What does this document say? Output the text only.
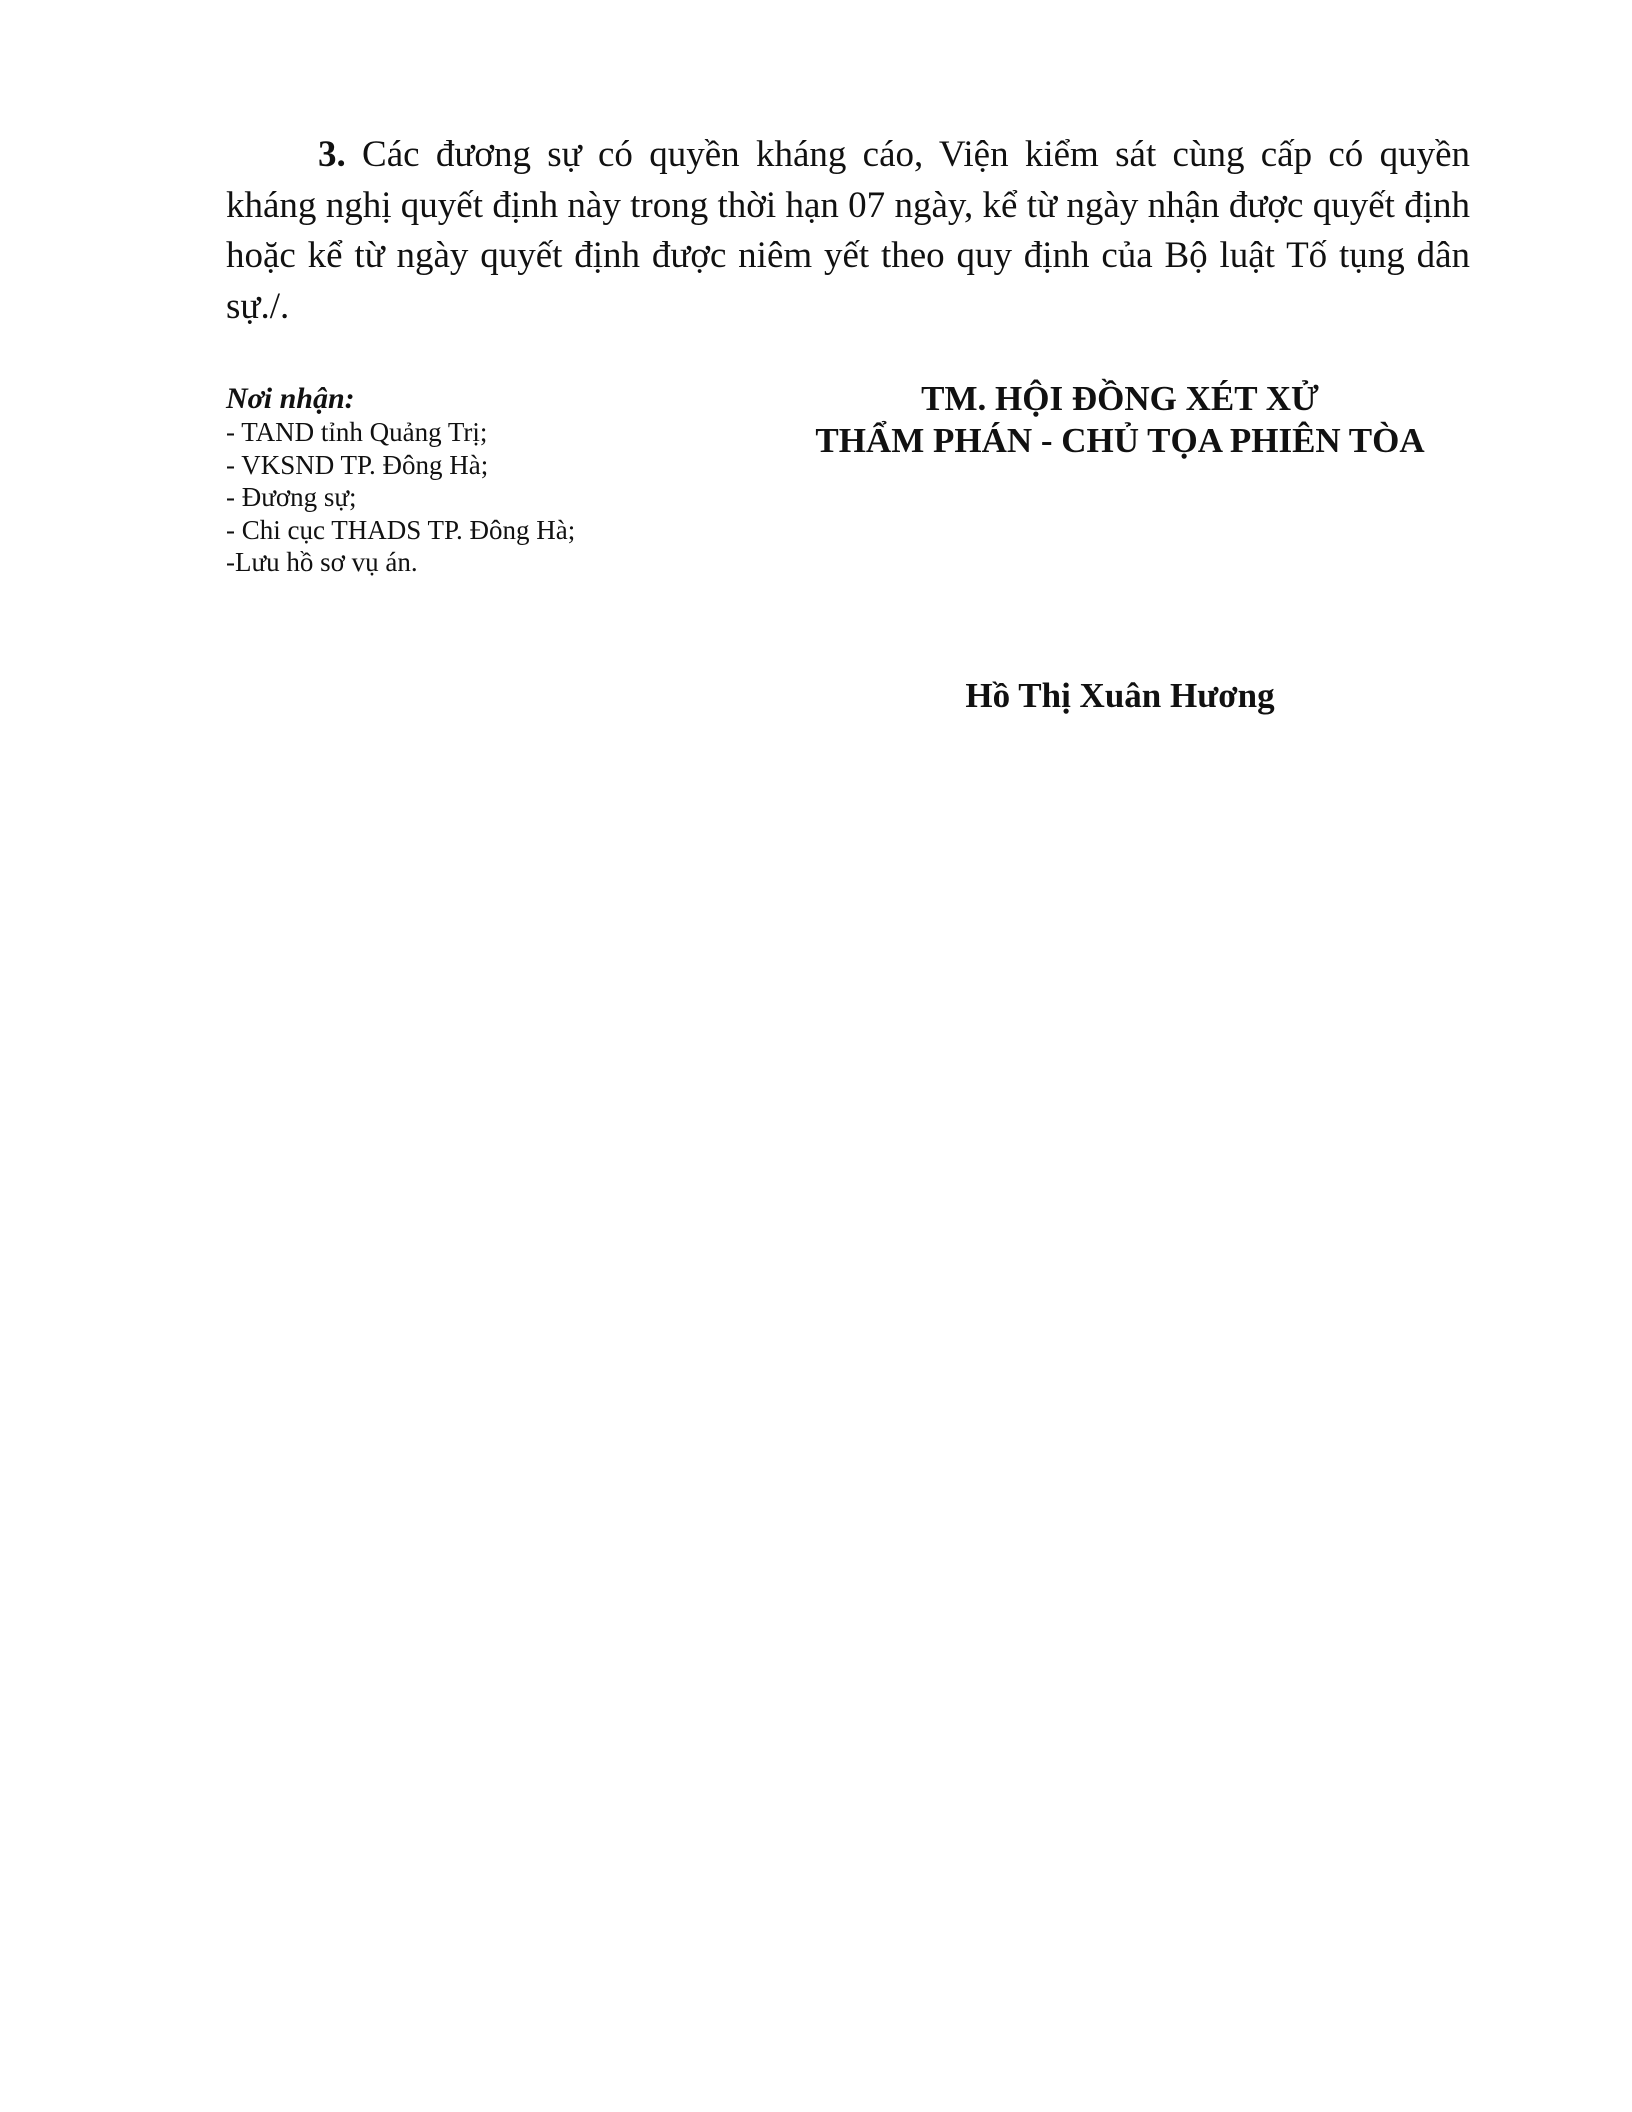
3. Các đương sự có quyền kháng cáo, Viện kiểm sát cùng cấp có quyền kháng nghị quyết định này trong thời hạn 07 ngày, kể từ ngày nhận được quyết định hoặc kể từ ngày quyết định được niêm yết theo quy định của Bộ luật Tố tụng dân sự./.

Nơi nhận:
- TAND tỉnh Quảng Trị;
- VKSND TP. Đông Hà;
- Đương sự;
- Chi cục THADS TP. Đông Hà;
-Lưu hồ sơ vụ án.
TM. HỘI ĐỒNG XÉT XỬ
THẨM PHÁN - CHỦ TỌA PHIÊN TÒA
Hồ Thị Xuân Hương
